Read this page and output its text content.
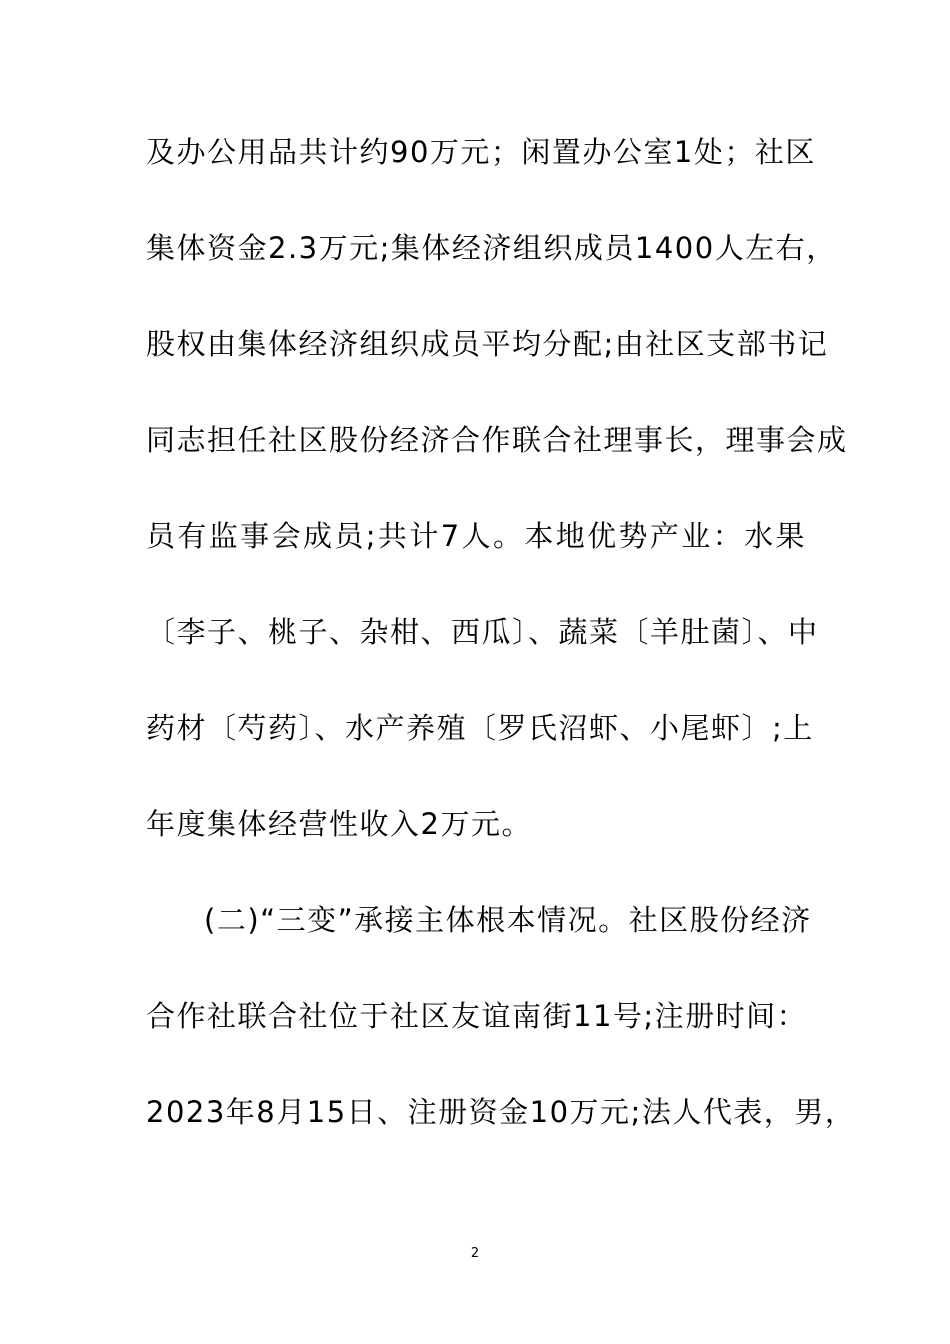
及办公用品共计约90万元；闲置办公室1处；社区
集体资金2.3万元;集体经济组织成员1400人左右，
股权由集体经济组织成员平均分配;由社区支部书记
同志担任社区股份经济合作联合社理事长，理事会成
员有监事会成员;共计7人。本地优势产业：水果
〔李子、桃子、杂柑、西瓜〕、蔬菜〔羊肚菌〕、中
药材〔芍药〕、水产养殖〔罗氏沼虾、小尾虾〕;上
年度集体经营性收入2万元。
(二)“三变”承接主体根本情况。社区股份经济
合作社联合社位于社区友谊南街11号;注册时间：
2023年8月15日、注册资金10万元;法人代表，男，
2
